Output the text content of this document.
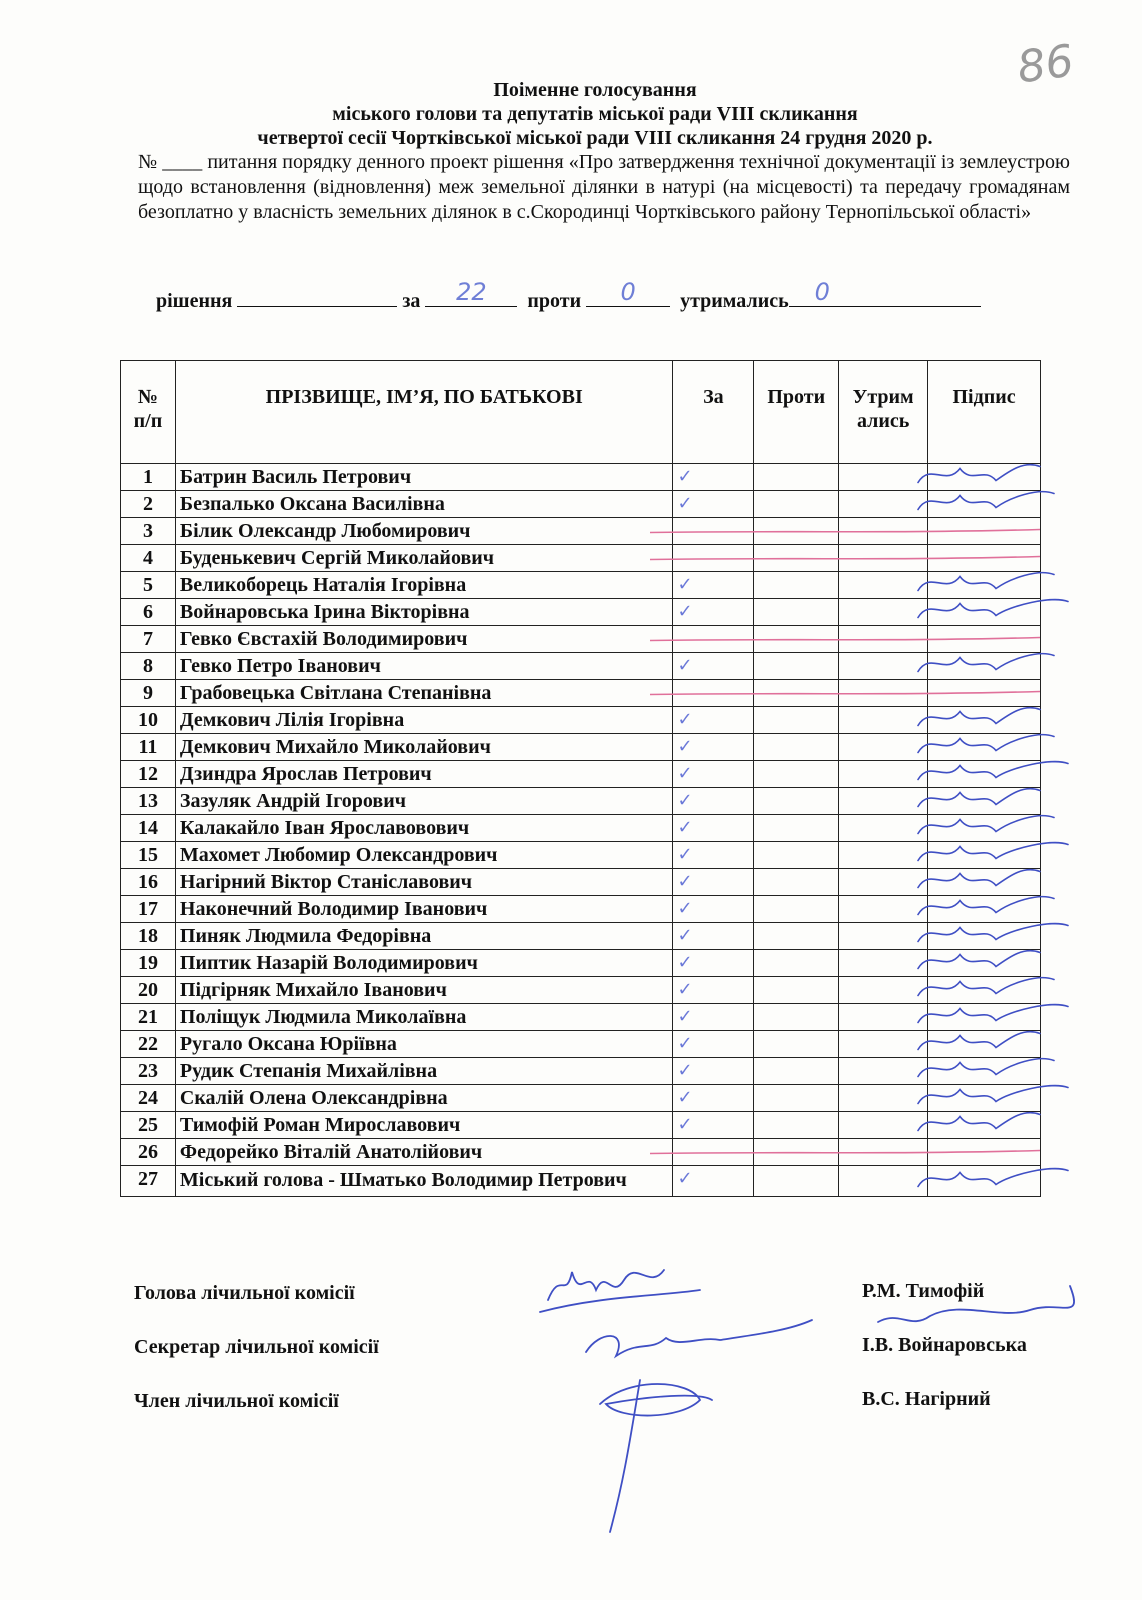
86
Поіменне голосування
міського голови та депутатів міської ради VIII скликання
четвертої сесії Чортківської міської ради VIII скликання 24 грудня 2020 р.
№ ____ питання порядку денного проект рішення «Про затвердження технічної документації із землеустрою щодо встановлення (відновлення) меж земельної ділянки в натурі (на місцевості) та передачу громадянам безоплатно у власність земельних ділянок в с.Скородинці Чортківського району Тернопільської області»
рішення	за	22	проти	0	утримались	0
№
п/п	ПРІЗВИЩЕ, ІМ’Я, ПО БАТЬКОВІ	За	Проти	Утримались	Підпис
1	Батрин Василь Петрович	✓			
2	Безпалько Оксана Василівна	✓			
3	Білик Олександр Любомирович				
4	Буденькевич Сергій Миколайович				
5	Великоборець Наталія Ігорівна	✓			
6	Войнаровська Ірина Вікторівна	✓			
7	Гевко Євстахій Володимирович				
8	Гевко Петро Іванович	✓			
9	Грабовецька Світлана Степанівна				
10	Демкович Лілія Ігорівна	✓			
11	Демкович Михайло Миколайович	✓			
12	Дзиндра Ярослав Петрович	✓			
13	Зазуляк Андрій Ігорович	✓			
14	Калакайло Іван Ярославовович	✓			
15	Махомет Любомир Олександрович	✓			
16	Нагірний Віктор Станіславович	✓			
17	Наконечний Володимир Іванович	✓			
18	Пиняк Людмила Федорівна	✓			
19	Пиптик Назарій Володимирович	✓			
20	Підгірняк Михайло Іванович	✓			
21	Поліщук Людмила Миколаївна	✓			
22	Ругало Оксана Юріївна	✓			
23	Рудик Степанія Михайлівна	✓			
24	Скалій Олена Олександрівна	✓			
25	Тимофій Роман Мирославович	✓			
26	Федорейко Віталій Анатолійович				
27	Міський голова - Шматько Володимир Петрович	✓			
Голова лічильної комісії	Р.М. Тимофій
Секретар лічильної комісії	І.В. Войнаровська
Член лічильної комісії	В.С. Нагірний
